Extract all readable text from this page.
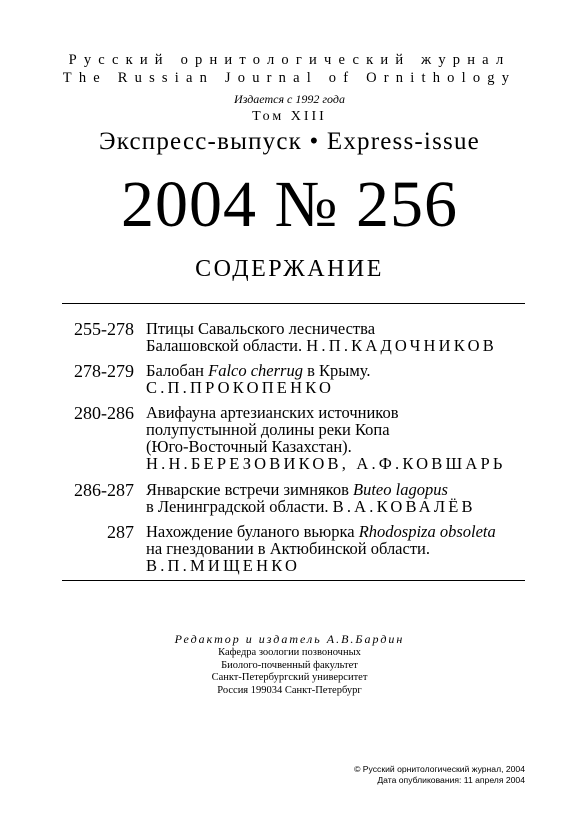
Русский орнитологический журнал
The Russian Journal of Ornithology
Издается с 1992 года
Том XIII
Экспресс-выпуск • Express-issue
2004 № 256
СОДЕРЖАНИЕ
255-278 Птицы Савальского лесничества
Балашовской области. Н.П.КАДОЧНИКОВ
278-279 Балобан Falco cherrug в Крыму.
С.П.ПРОКОПЕНКО
280-286 Авифауна артезианских источников
полупустынной долины реки Копа
(Юго-Восточный Казахстан).
Н.Н.БЕРЕЗОВИКОВ, А.Ф.КОВШАРЬ
286-287 Январские встречи зимняков Buteo lagopus
в Ленинградской области. В.А.КОВАЛЁВ
287 Нахождение буланого вьюрка Rhodospiza obsoleta
на гнездовании в Актюбинской области.
В.П.МИЩЕНКО
Редактор и издатель А.В.Бардин
Кафедра зоологии позвоночных
Биолого-почвенный факультет
Санкт-Петербургский университет
Россия 199034 Санкт-Петербург
© Русский орнитологический журнал, 2004
Дата опубликования: 11 апреля 2004
